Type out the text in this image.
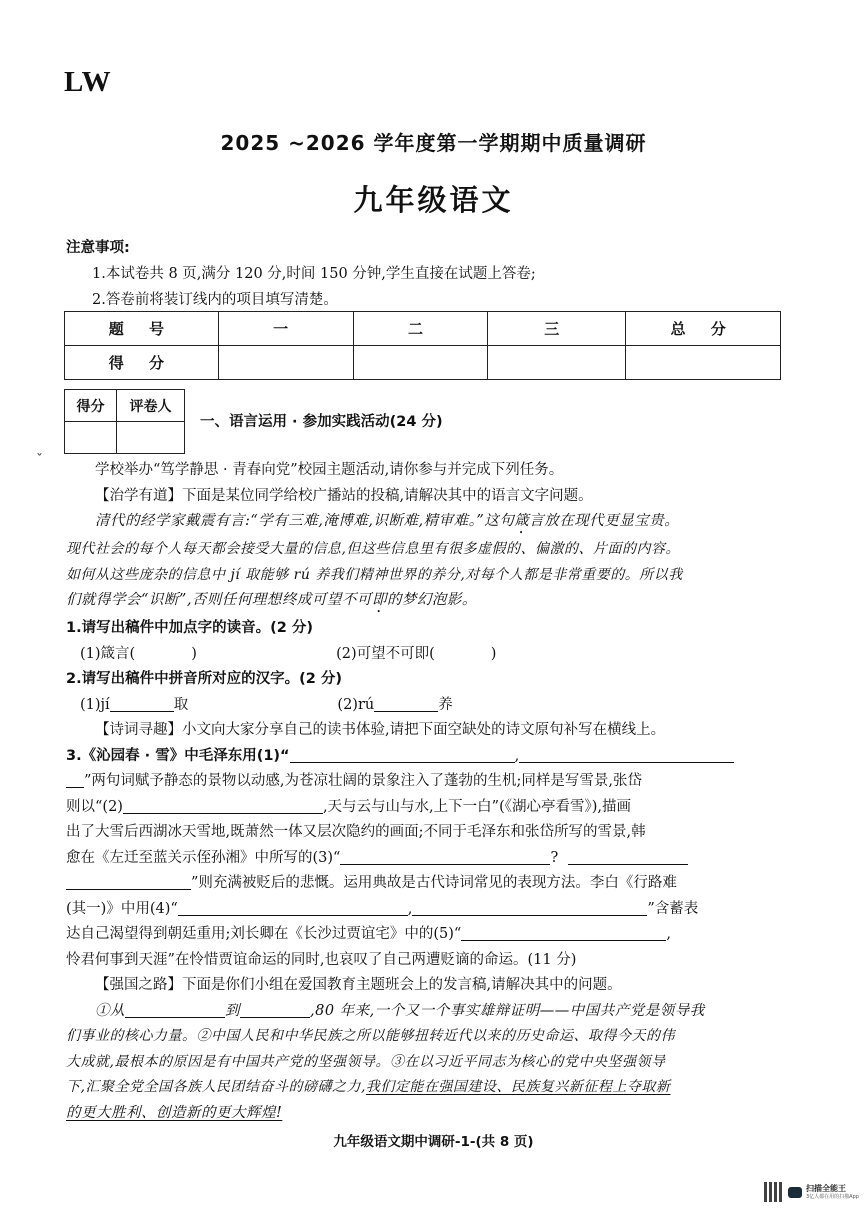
LW
2025 ~2026 学年度第一学期期中质量调研
九年级语文
注意事项:
1.本试卷共 8 页,满分 120 分,时间 150 分钟,学生直接在试题上答卷;
2.答卷前将装订线内的项目填写清楚。
题 号	一	二	三	总 分
得 分				
得分	评卷人

一、语言运用 · 参加实践活动(24 分)
ˇ

学校举办“笃学静思 · 青春向党”校园主题活动,请你参与并完成下列任务。

【治学有道】下面是某位同学给校广播站的投稿,请解决其中的语言文字问题。

清代的经学家戴震有言:“学有三难,淹博难,识断难,精审难。”这句箴言放在现代更显宝贵。

现代社会的每个人每天都会接受大量的信息,但这些信息里有很多虚假的、偏激的、片面的内容。

如何从这些庞杂的信息中 jí 取能够 rú 养我们精神世界的养分,对每个人都是非常重要的。所以我

们就得学会“识断”,否则任何理想终成可望不可即的梦幻泡影。

1.请写出稿件中加点字的读音。(2 分)

(1)箴言(	)	(2)可望不可即(	)

2.请写出稿件中拼音所对应的汉字。(2 分)

(1)jí	取	(2)rú	养

【诗词寻趣】小文向大家分享自己的读书体验,请把下面空缺处的诗文原句补写在横线上。

3.《沁园春 · 雪》中毛泽东用(1)“	,

”两句词赋予静态的景物以动感,为苍凉壮阔的景象注入了蓬勃的生机;同样是写雪景,张岱

则以“(2)	,天与云与山与水,上下一白”(《湖心亭看雪》),描画

出了大雪后西湖冰天雪地,既萧然一体又层次隐约的画面;不同于毛泽东和张岱所写的雪景,韩

愈在《左迁至蓝关示侄孙湘》中所写的(3)“	?

”则充满被贬后的悲慨。运用典故是古代诗词常见的表现方法。李白《行路难

(其一)》中用(4)“	,	”含蓄表

达自己渴望得到朝廷重用;刘长卿在《长沙过贾谊宅》中的(5)“	,

怜君何事到天涯”在怜惜贾谊命运的同时,也哀叹了自己两遭贬谪的命运。(11 分)

【强国之路】下面是你们小组在爱国教育主题班会上的发言稿,请解决其中的问题。

①从	到	,80 年来,一个又一个事实雄辩证明——中国共产党是领导我

们事业的核心力量。②中国人民和中华民族之所以能够扭转近代以来的历史命运、取得今天的伟

大成就,最根本的原因是有中国共产党的坚强领导。③在以习近平同志为核心的党中央坚强领导

下,汇聚全党全国各族人民团结奋斗的磅礴之力,我们定能在强国建设、民族复兴新征程上夺取新

的更大胜利、创造新的更大辉煌!

九年级语文期中调研-1-(共 8 页)
扫描全能王
3亿人都在用的扫描App
